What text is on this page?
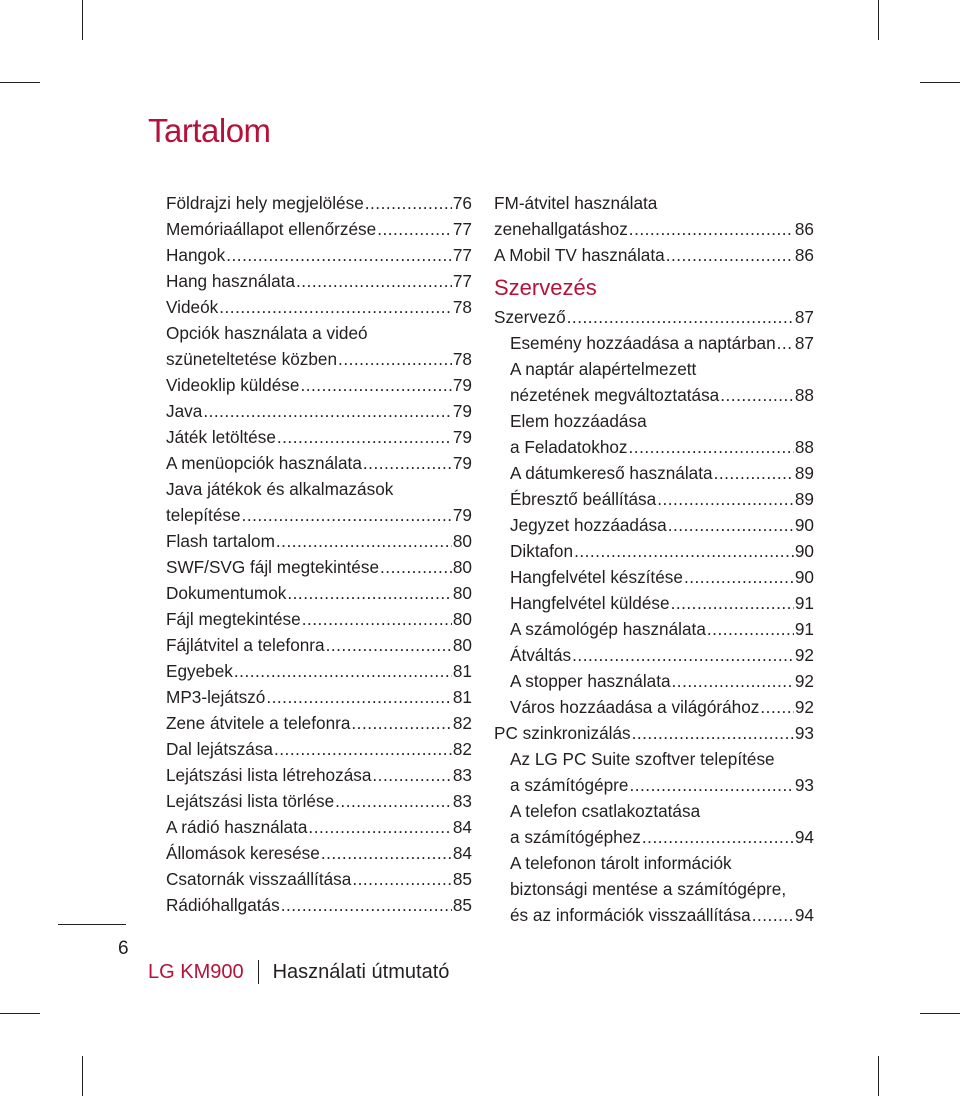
Tartalom
Földrajzi hely megjelölése .....	76
Memóriaállapot ellenőrzése .....	77
Hangok .....	77
Hang használata .....	77
Videók .....	78
Opciók használata a videó
szüneteltetése közben .....	78
Videoklip küldése .....	79
Java .....	79
Játék letöltése .....	79
A menüopciók használata .....	79
Java játékok és alkalmazások
telepítése .....	79
Flash tartalom .....	80
SWF/SVG fájl megtekintése .....	80
Dokumentumok .....	80
Fájl megtekintése .....	80
Fájlátvitel a telefonra .....	80
Egyebek .....	81
MP3-lejátszó .....	81
Zene átvitele a telefonra .....	82
Dal lejátszása .....	82
Lejátszási lista létrehozása .....	83
Lejátszási lista törlése .....	83
A rádió használata .....	84
Állomások keresése .....	84
Csatornák visszaállítása .....	85
Rádióhallgatás .....	85
FM-átvitel használata
zenehallgatáshoz .....	86
A Mobil TV használata .....	86
Szervezés
Szervező .....	87
Esemény hozzáadása a naptárban ..... 87
A naptár alapértelmezett
nézetének megváltoztatása .....	88
Elem hozzáadása
a Feladatokhoz .....	88
A dátumkereső használata .....	89
Ébresztő beállítása .....	89
Jegyzet hozzáadása .....	90
Diktafon .....	90
Hangfelvétel készítése .....	90
Hangfelvétel küldése .....	91
A számológép használata .....	91
Átváltás .....	92
A stopper használata .....	92
Város hozzáadása a világórához ..... 92
PC szinkronizálás .....	93
Az LG PC Suite szoftver telepítése
a számítógépre .....	93
A telefon csatlakoztatása
a számítógéphez .....	94
A telefonon tárolt információk
biztonsági mentése a számítógépre,
és az információk visszaállítása .....	94
6
LG KM900 Használati útmutató
